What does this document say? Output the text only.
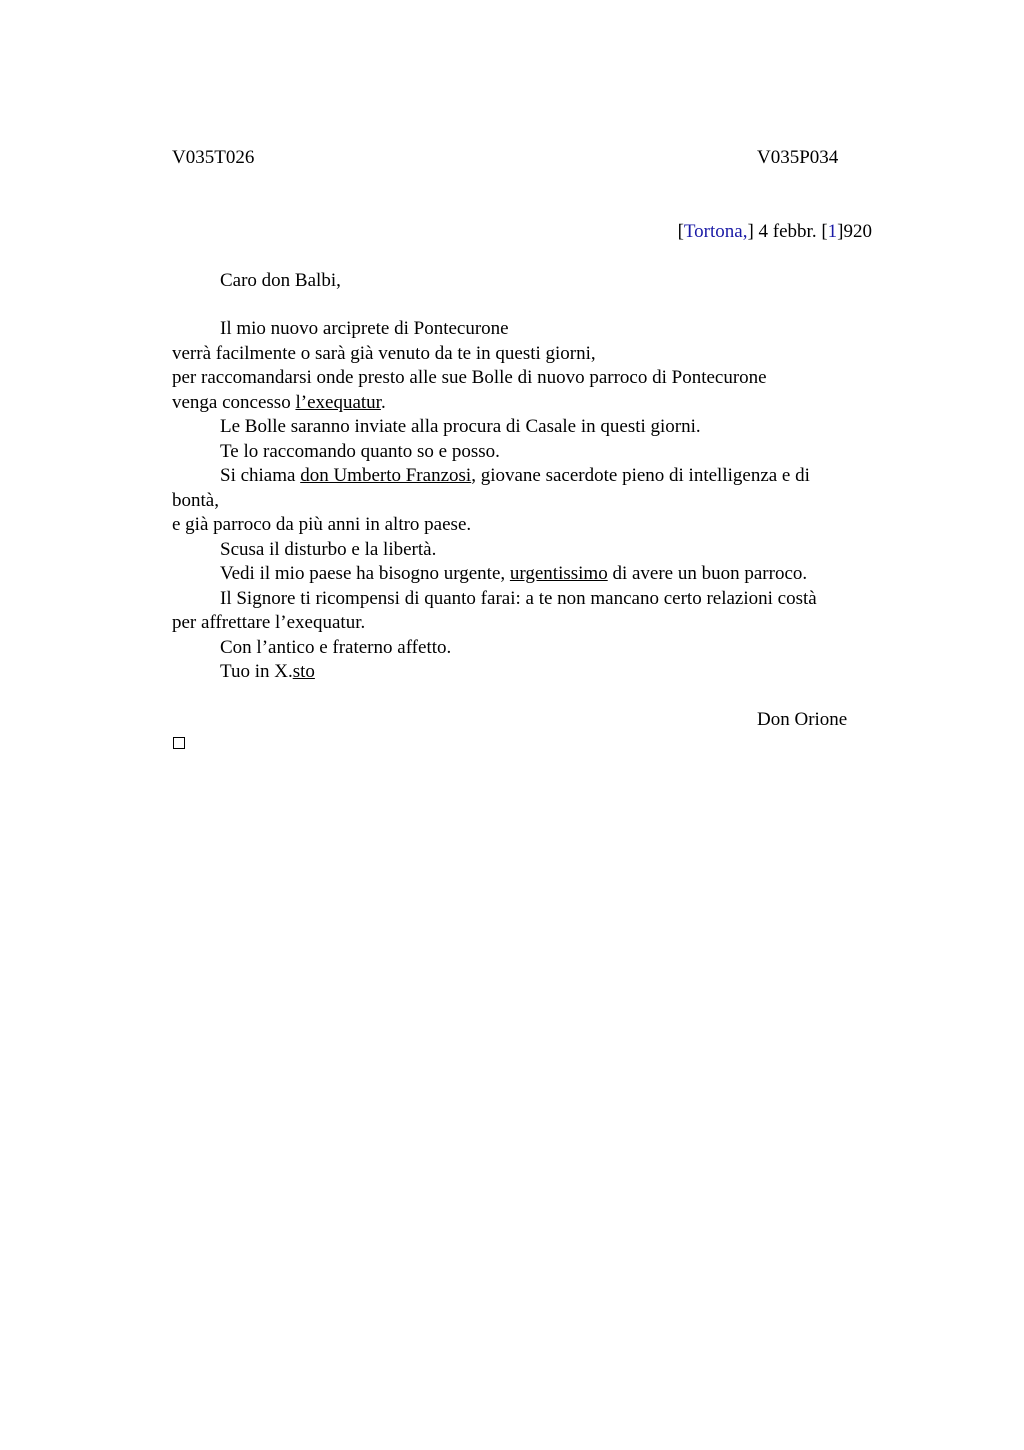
V035T026	V035P034
[Tortona,] 4 febbr. [1]920
Caro don Balbi,
Il mio nuovo arciprete di Pontecurone
verrà facilmente o sarà già venuto da te in questi giorni,
per raccomandarsi onde presto alle sue Bolle di nuovo parroco di Pontecurone
venga concesso l’exequatur.
Le Bolle saranno inviate alla procura di Casale in questi giorni.
Te lo raccomando quanto so e posso.
Si chiama don Umberto Franzosi, giovane sacerdote pieno di intelligenza e di
bontà,
e già parroco da più anni in altro paese.
Scusa il disturbo e la libertà.
Vedi il mio paese ha bisogno urgente, urgentissimo di avere un buon parroco.
Il Signore ti ricompensi di quanto farai: a te non mancano certo relazioni costà
per affrettare l’exequatur.
Con l’antico e fraterno affetto.
Tuo in X.sto
Don Orione
